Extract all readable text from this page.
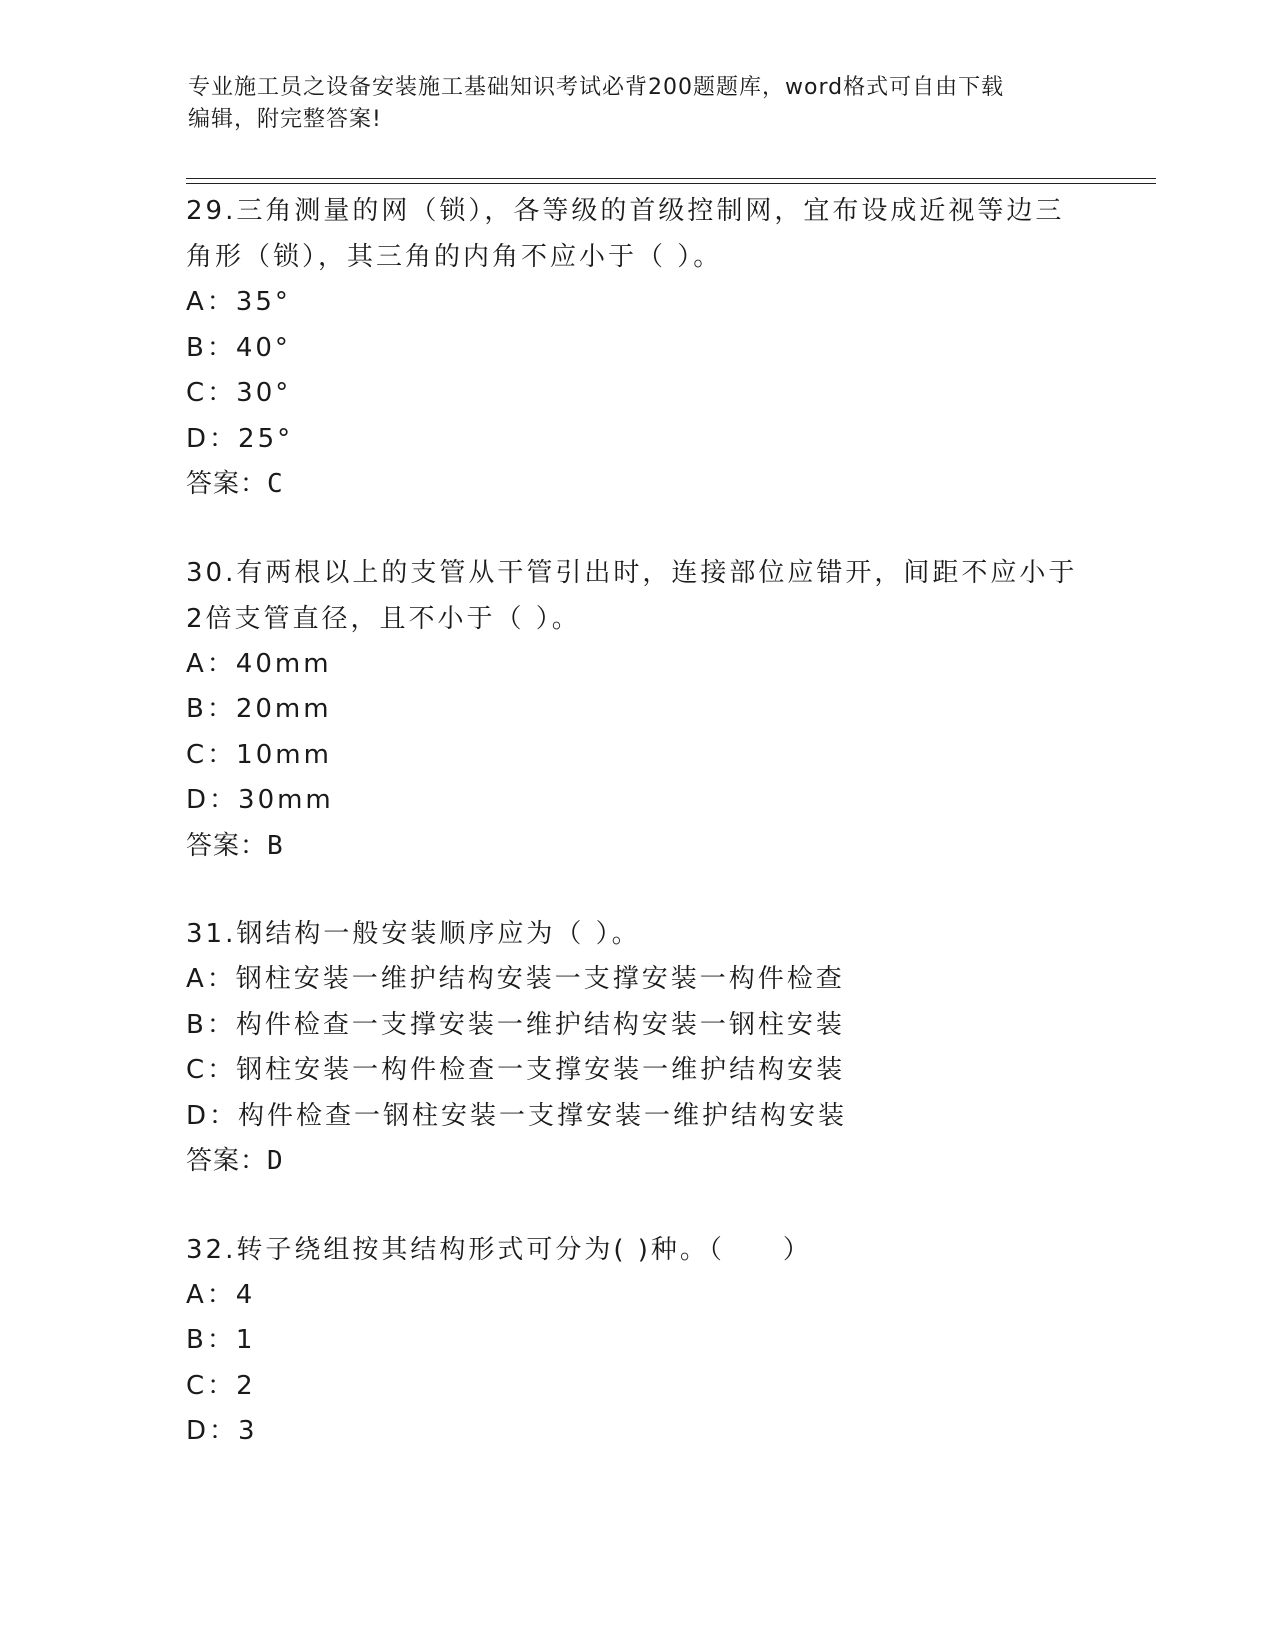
专业施工员之设备安装施工基础知识考试必背200题题库，word格式可自由下载
编辑，附完整答案!
29.三角测量的网（锁），各等级的首级控制网，宜布设成近视等边三
角形（锁），其三角的内角不应小于（ ）。
A：35°
B：40°
C：30°
D：25°
答案：C
30.有两根以上的支管从干管引出时，连接部位应错开，间距不应小于
2倍支管直径，且不小于（ ）。
A：40mm
B：20mm
C：10mm
D：30mm
答案：B
31.钢结构一般安装顺序应为（ ）。
A：钢柱安装一维护结构安装一支撑安装一构件检查
B：构件检查一支撑安装一维护结构安装一钢柱安装
C：钢柱安装一构件检查一支撑安装一维护结构安装
D：构件检查一钢柱安装一支撑安装一维护结构安装
答案：D
32.转子绕组按其结构形式可分为( )种。（　　）
A：4
B：1
C：2
D：3
